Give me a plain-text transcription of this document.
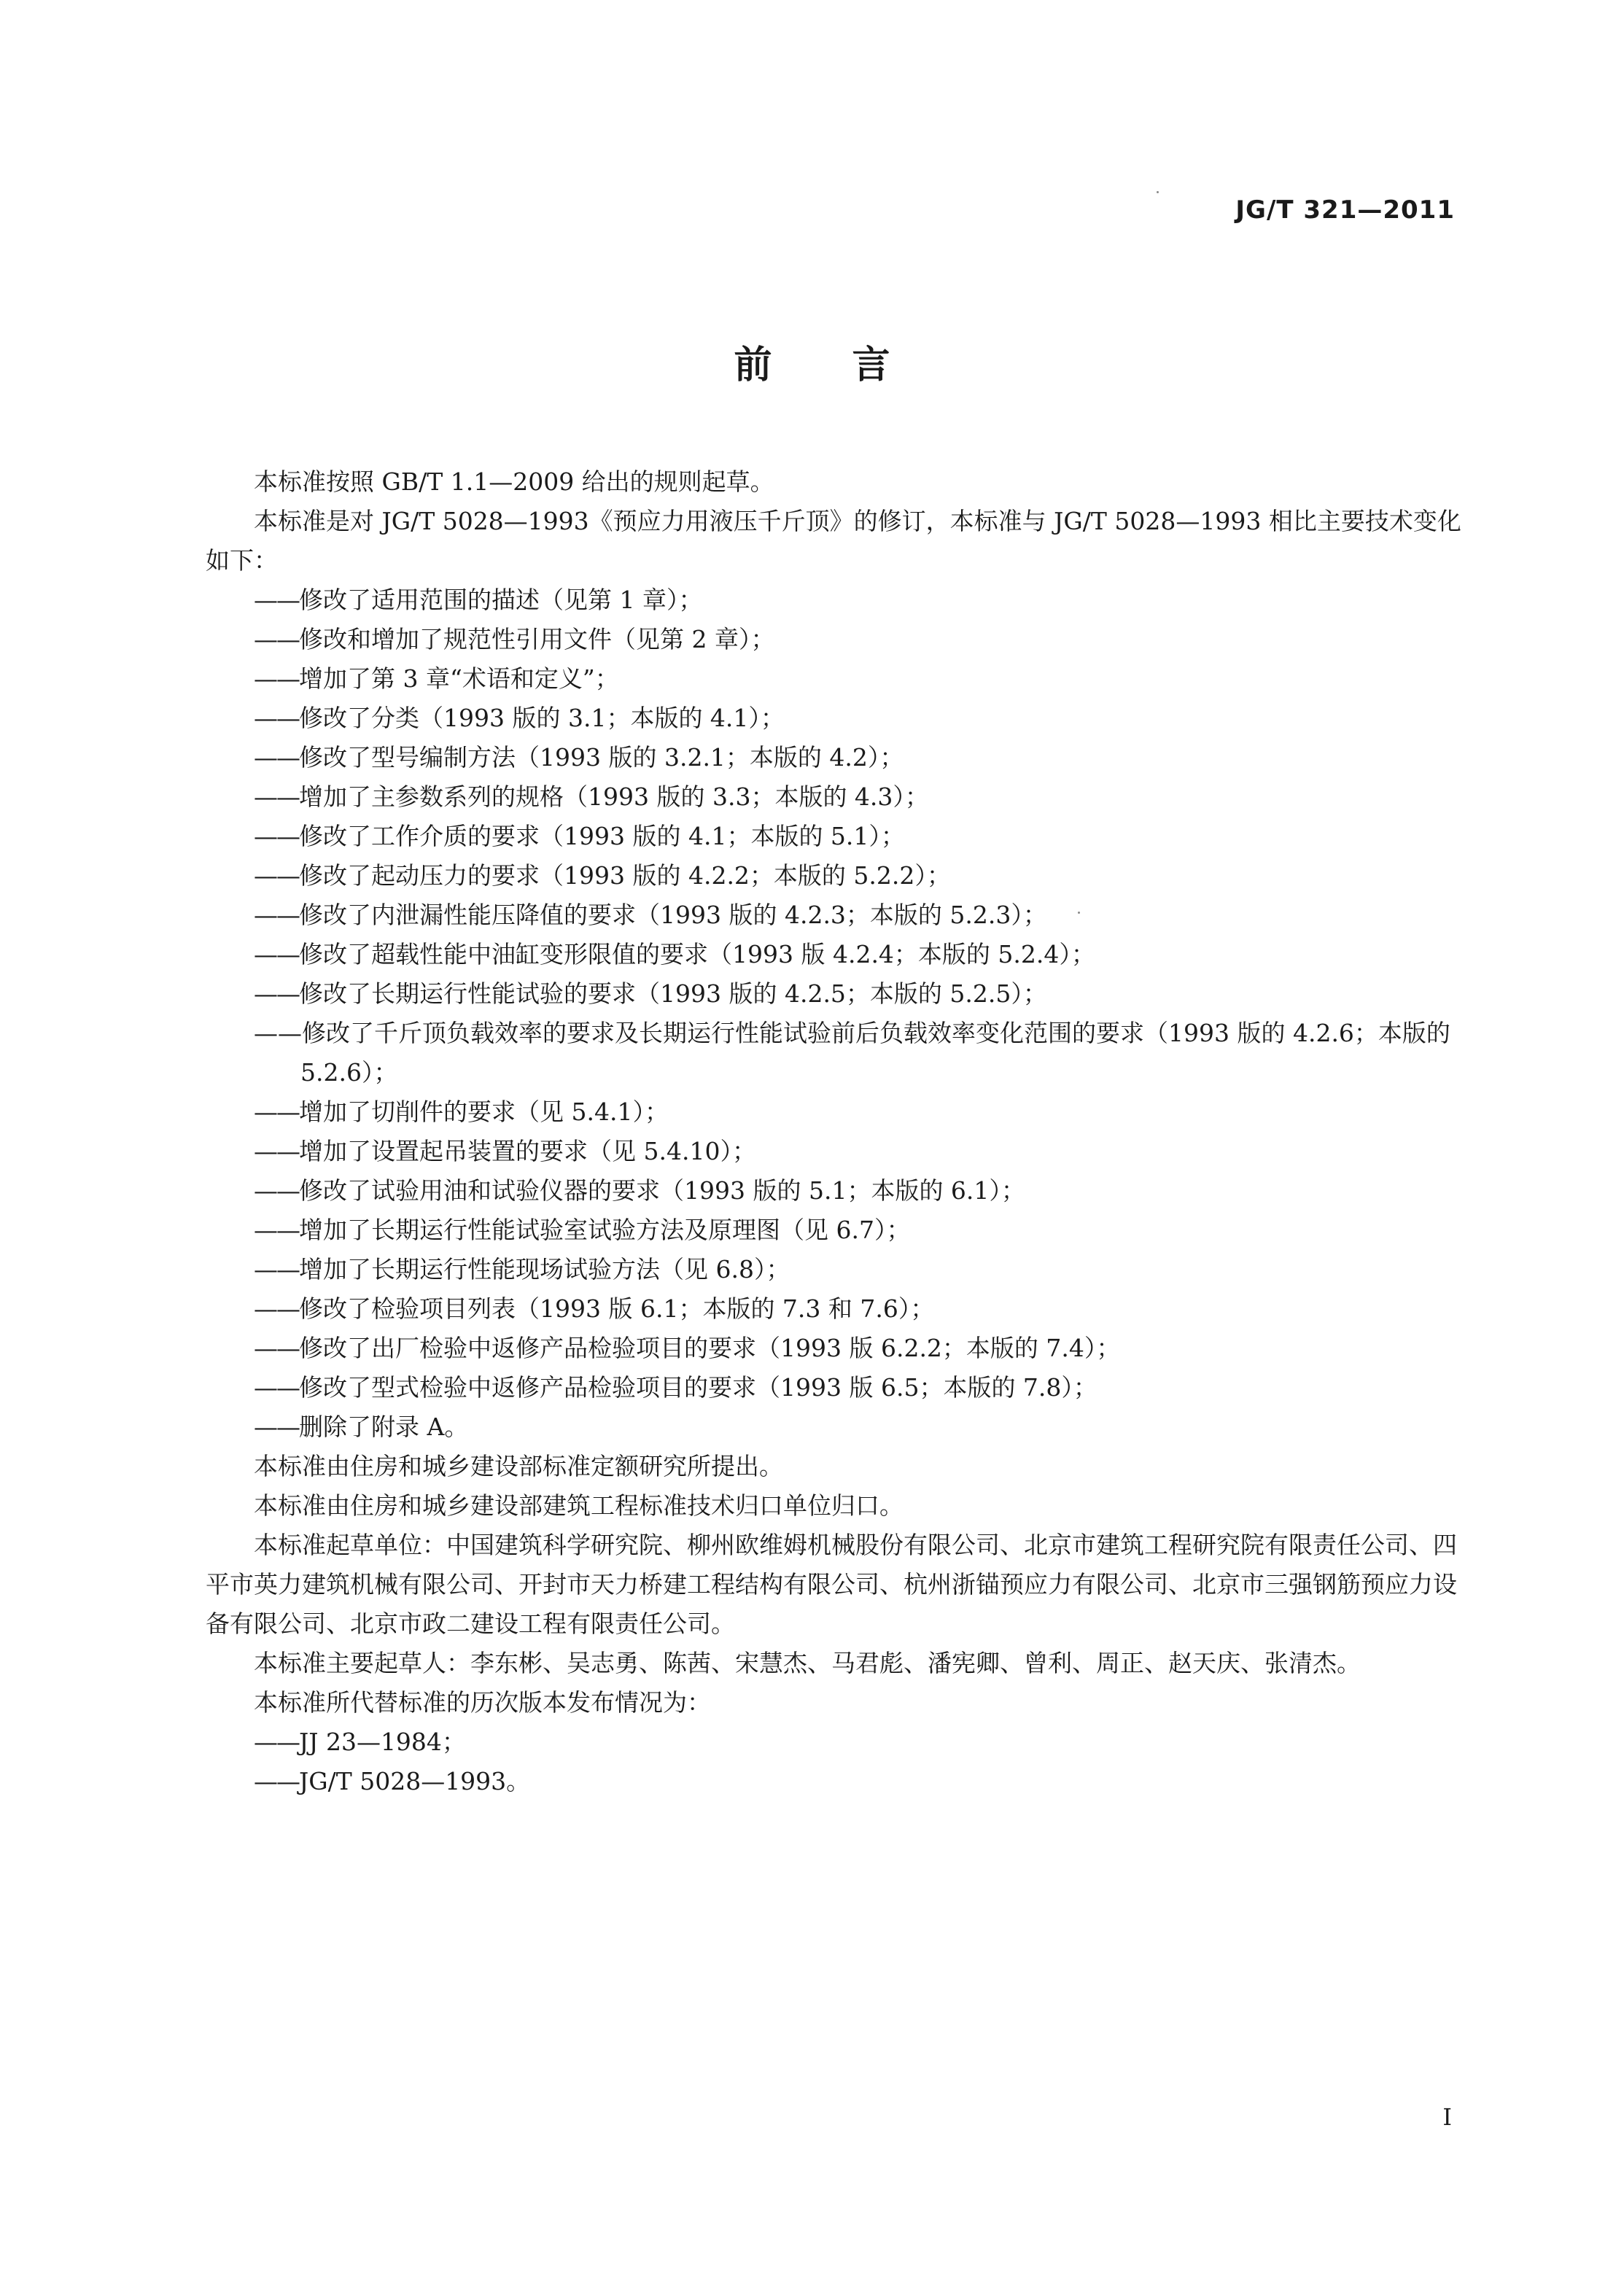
JG/T 321—2011
前言

本标准按照 GB/T 1.1—2009 给出的规则起草。

本标准是对 JG/T 5028—1993《预应力用液压千斤顶》的修订，本标准与 JG/T 5028—1993 相比主要技术变化如下：

——修改了适用范围的描述（见第 1 章）；

——修改和增加了规范性引用文件（见第 2 章）；

——增加了第 3 章“术语和定义”；

——修改了分类（1993 版的 3.1；本版的 4.1）；

——修改了型号编制方法（1993 版的 3.2.1；本版的 4.2）；

——增加了主参数系列的规格（1993 版的 3.3；本版的 4.3）；

——修改了工作介质的要求（1993 版的 4.1；本版的 5.1）；

——修改了起动压力的要求（1993 版的 4.2.2；本版的 5.2.2）；

——修改了内泄漏性能压降值的要求（1993 版的 4.2.3；本版的 5.2.3）；

——修改了超载性能中油缸变形限值的要求（1993 版 4.2.4；本版的 5.2.4）；

——修改了长期运行性能试验的要求（1993 版的 4.2.5；本版的 5.2.5）；

——修改了千斤顶负载效率的要求及长期运行性能试验前后负载效率变化范围的要求（1993 版的 4.2.6；本版的 5.2.6）；

——增加了切削件的要求（见 5.4.1）；

——增加了设置起吊装置的要求（见 5.4.10）；

——修改了试验用油和试验仪器的要求（1993 版的 5.1；本版的 6.1）；

——增加了长期运行性能试验室试验方法及原理图（见 6.7）；

——增加了长期运行性能现场试验方法（见 6.8）；

——修改了检验项目列表（1993 版 6.1；本版的 7.3 和 7.6）；

——修改了出厂检验中返修产品检验项目的要求（1993 版 6.2.2；本版的 7.4）；

——修改了型式检验中返修产品检验项目的要求（1993 版 6.5；本版的 7.8）；

——删除了附录 A。

本标准由住房和城乡建设部标准定额研究所提出。

本标准由住房和城乡建设部建筑工程标准技术归口单位归口。

本标准起草单位：中国建筑科学研究院、柳州欧维姆机械股份有限公司、北京市建筑工程研究院有限责任公司、四平市英力建筑机械有限公司、开封市天力桥建工程结构有限公司、杭州浙锚预应力有限公司、北京市三强钢筋预应力设备有限公司、北京市政二建设工程有限责任公司。

本标准主要起草人：李东彬、吴志勇、陈茜、宋慧杰、马君彪、潘宪卿、曾利、周正、赵天庆、张清杰。

本标准所代替标准的历次版本发布情况为：

——JJ 23—1984；

——JG/T 5028—1993。

I
